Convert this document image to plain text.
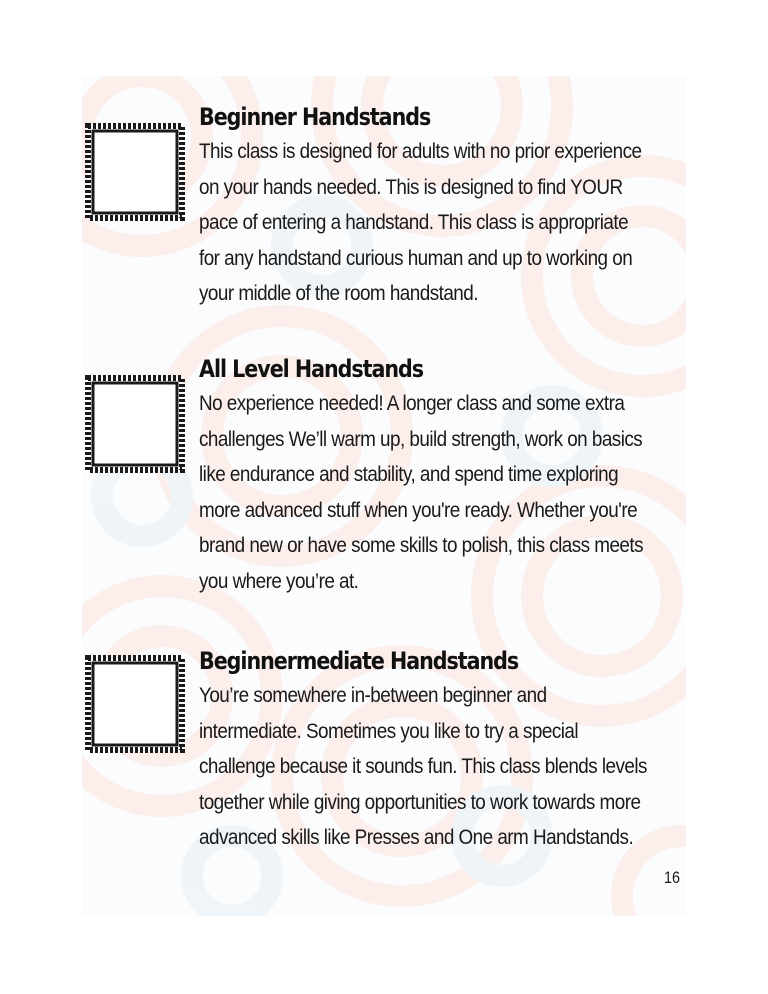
Beginner Handstands

This class is designed for adults with no prior experience on your hands needed. This is designed to find YOUR pace of entering a handstand. This class is appropriate for any handstand curious human and up to working on your middle of the room handstand.

All Level Handstands

No experience needed! A longer class and some extra challenges We’ll warm up, build strength, work on basics like endurance and stability, and spend time exploring more advanced stuff when you're ready. Whether you're brand new or have some skills to polish, this class meets you where you’re at.

Beginnermediate Handstands

You’re somewhere in-between beginner and intermediate. Sometimes you like to try a special challenge because it sounds fun. This class blends levels together while giving opportunities to work towards more advanced skills like Presses and One arm Handstands.

16
